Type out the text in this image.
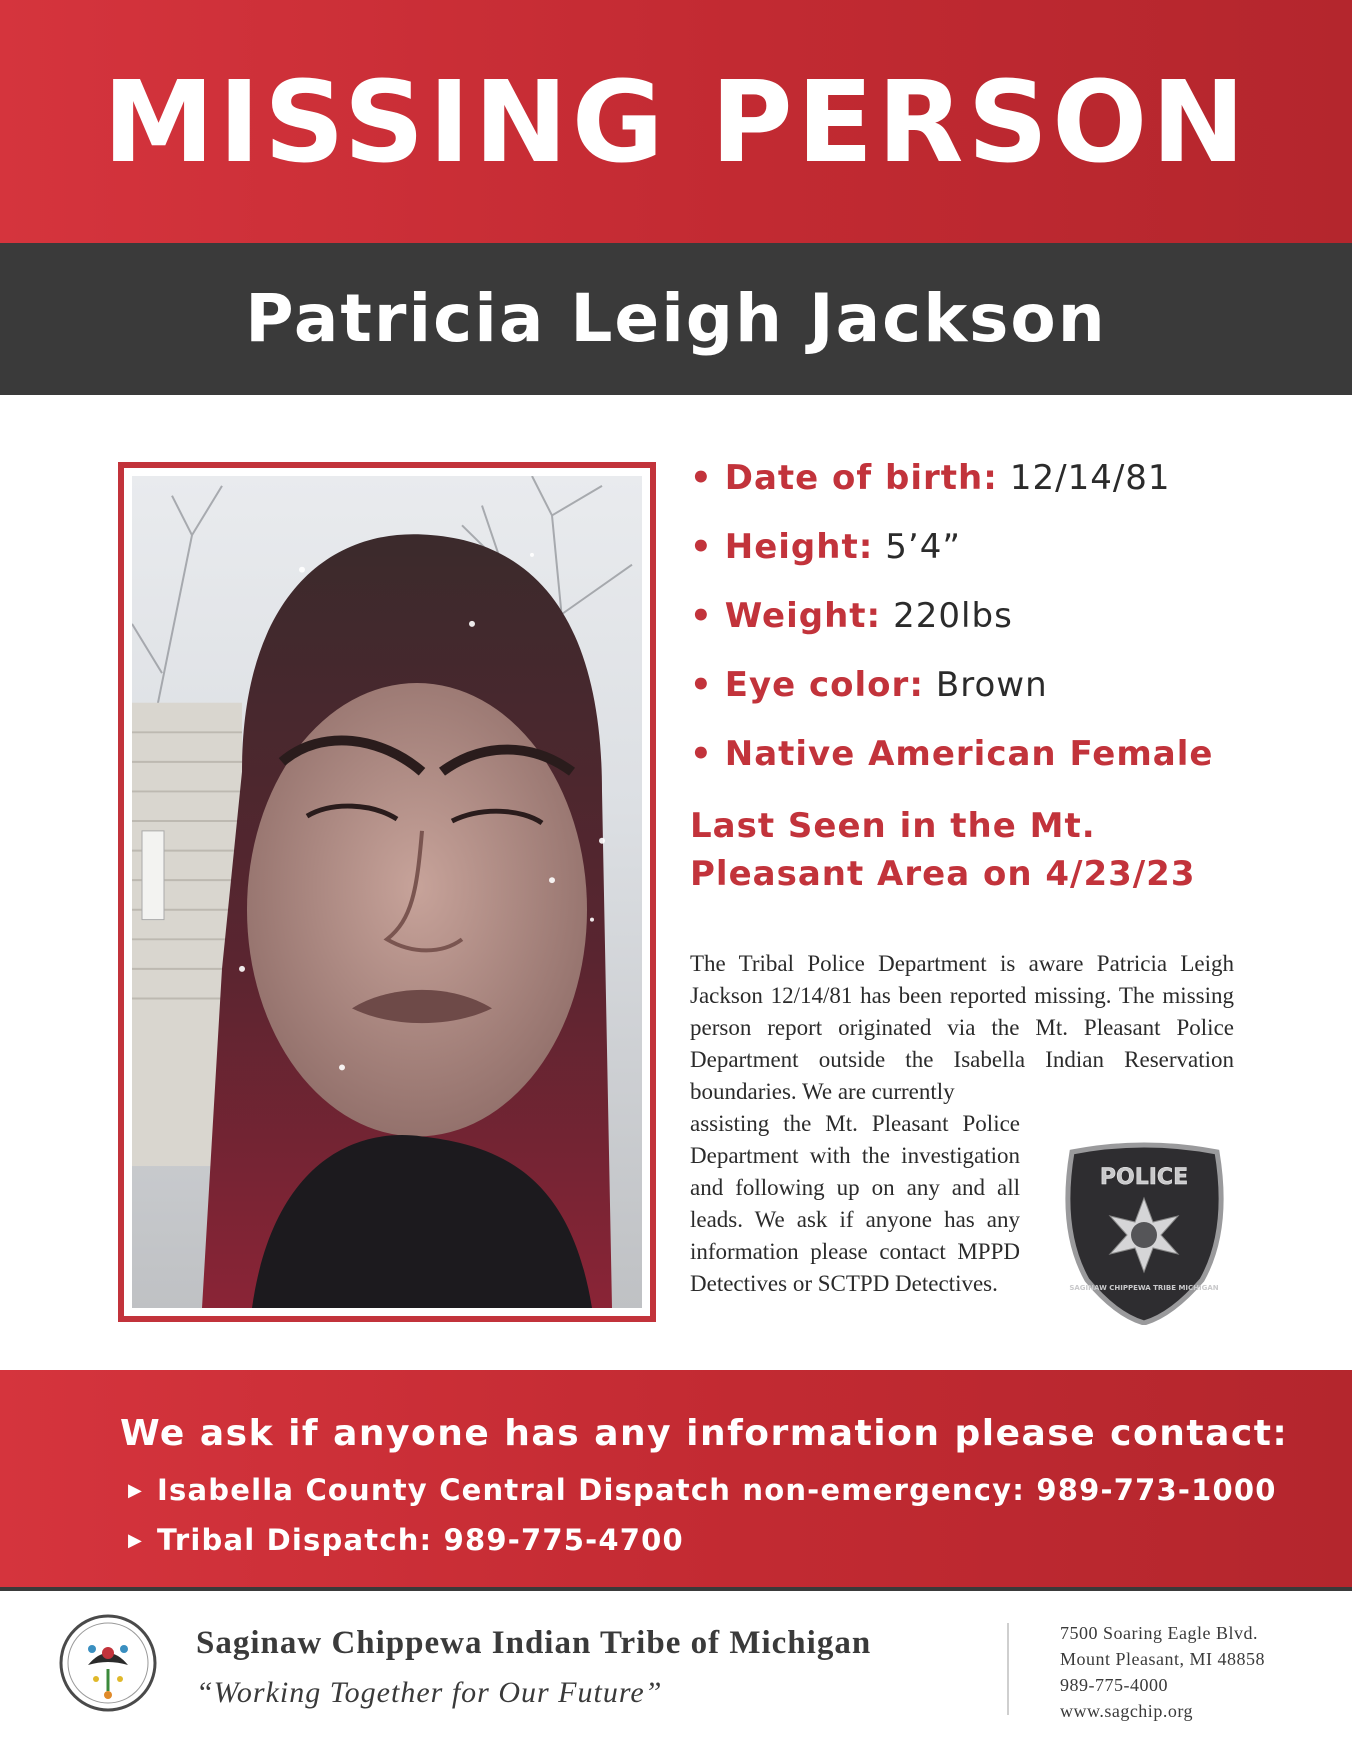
MISSING PERSON
Patricia Leigh Jackson
• Date of birth: 12/14/81
• Height: 5’4”
• Weight: 220lbs
• Eye color: Brown
• Native American Female
Last Seen in the Mt.
Pleasant Area on 4/23/23
The Tribal Police Department is aware Patricia Leigh Jackson 12/14/81 has been reported missing. The missing person report originated via the Mt. Pleasant Police Department outside the Isabella Indian Reservation boundaries. We are currently
assisting the Mt. Pleasant Police Department with the investigation and following up on any and all leads. We ask if anyone has any information please contact MPPD Detectives or SCTPD Detectives.
POLICE
SAGINAW CHIPPEWA TRIBE MICHIGAN
We ask if anyone has any information please contact:
▶ Isabella County Central Dispatch non-emergency: 989-773-1000
▶ Tribal Dispatch: 989-775-4700
Saginaw Chippewa Indian Tribe of Michigan
“Working Together for Our Future”
7500 Soaring Eagle Blvd.
Mount Pleasant, MI 48858
989-775-4000
www.sagchip.org
